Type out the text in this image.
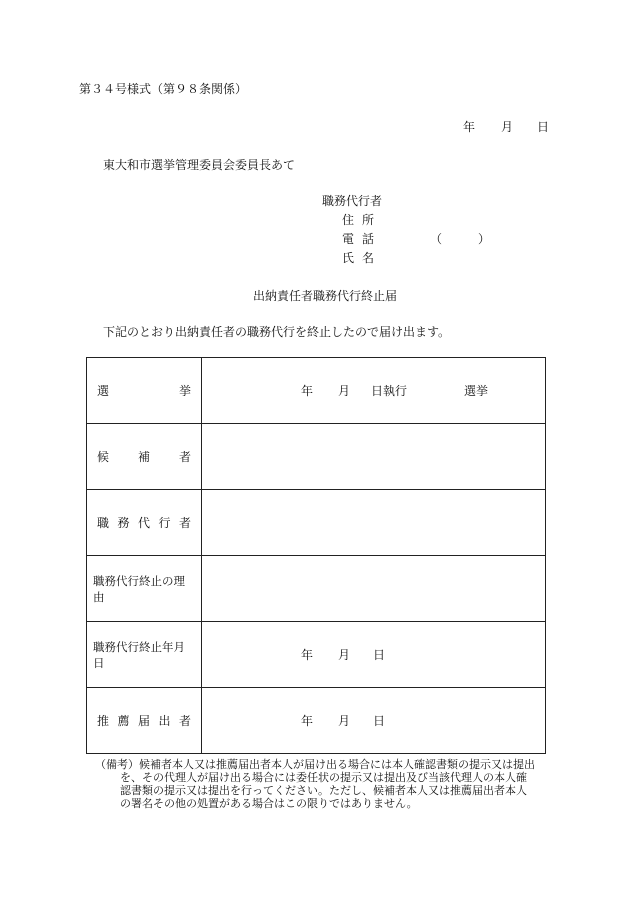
第３４号様式（第９８条関係）
年 月 日
東大和市選挙管理委員会委員長あて
職務代行者
住所
電話	（　　　）
氏名
出納責任者職務代行終止届
下記のとおり出納責任者の職務代行を終止したので届け出ます。
選 挙	年 月 日執行 選挙

候 補 者	

職 務 代 行 者	

職務代行終止の理由	
職務代行終止年月日	年 月 日

推 薦 届 出 者	年 月 日
（備考）候補者本人又は推薦届出者本人が届け出る場合には本人確認書類の提示又は提出
を、その代理人が届け出る場合には委任状の提示又は提出及び当該代理人の本人確
認書類の提示又は提出を行ってください。ただし、候補者本人又は推薦届出者本人
の署名その他の処置がある場合はこの限りではありません。
